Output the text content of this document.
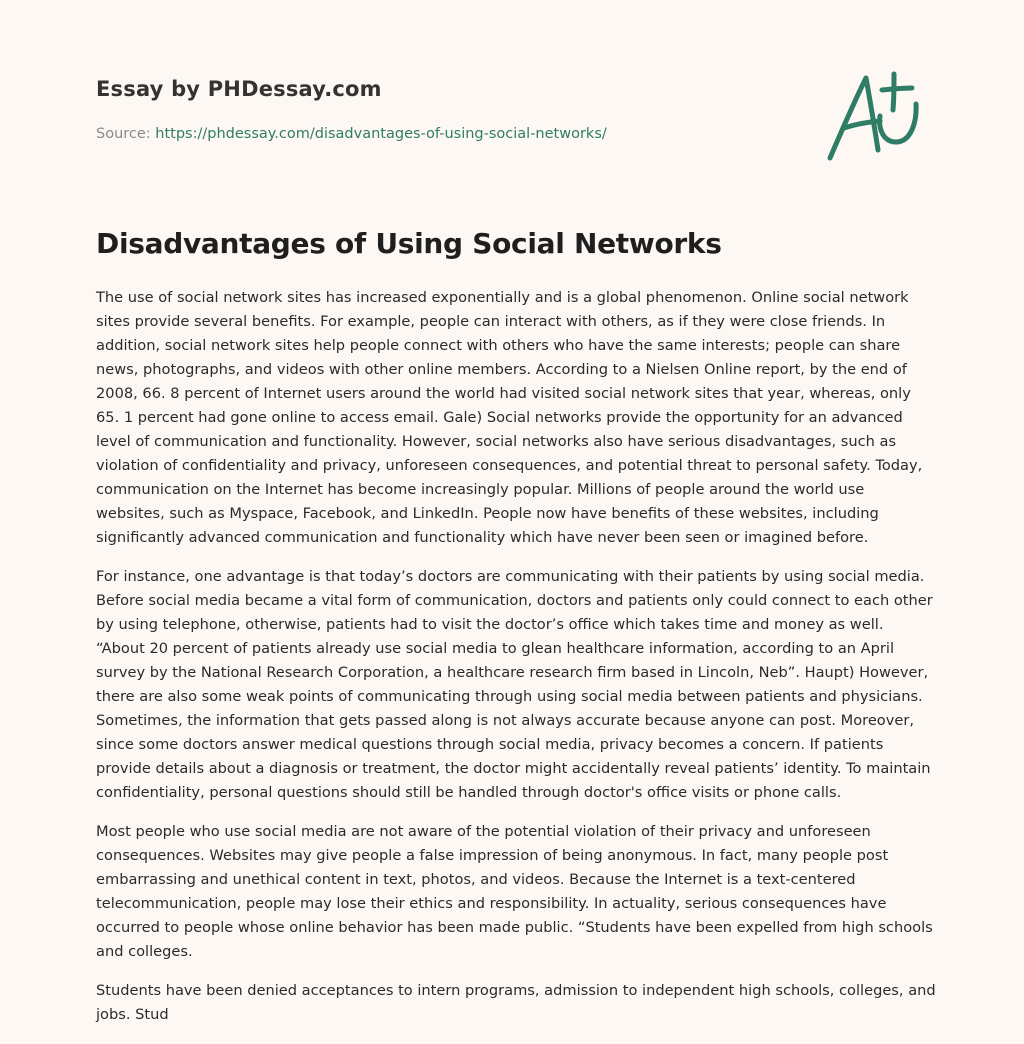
Essay by PHDessay.com
Source: https://phdessay.com/disadvantages-of-using-social-networks/
Disadvantages of Using Social Networks

The use of social network sites has increased exponentially and is a global phenomenon. Online social network sites provide several benefits. For example, people can interact with others, as if they were close friends. In addition, social network sites help people connect with others who have the same interests; people can share news, photographs, and videos with other online members. According to a Nielsen Online report, by the end of 2008, 66. 8 percent of Internet users around the world had visited social network sites that year, whereas, only 65. 1 percent had gone online to access email. Gale) Social networks provide the opportunity for an advanced level of communication and functionality. However, social networks also have serious disadvantages, such as violation of confidentiality and privacy, unforeseen consequences, and potential threat to personal safety. Today, communication on the Internet has become increasingly popular. Millions of people around the world use websites, such as Myspace, Facebook, and LinkedIn. People now have benefits of these websites, including significantly advanced communication and functionality which have never been seen or imagined before.

For instance, one advantage is that today’s doctors are communicating with their patients by using social media. Before social media became a vital form of communication, doctors and patients only could connect to each other by using telephone, otherwise, patients had to visit the doctor’s office which takes time and money as well. “About 20 percent of patients already use social media to glean healthcare information, according to an April survey by the National Research Corporation, a healthcare research firm based in Lincoln, Neb”. Haupt) However, there are also some weak points of communicating through using social media between patients and physicians. Sometimes, the information that gets passed along is not always accurate because anyone can post. Moreover, since some doctors answer medical questions through social media, privacy becomes a concern. If patients provide details about a diagnosis or treatment, the doctor might accidentally reveal patients’ identity. To maintain confidentiality, personal questions should still be handled through doctor's office visits or phone calls.

Most people who use social media are not aware of the potential violation of their privacy and unforeseen consequences. Websites may give people a false impression of being anonymous. In fact, many people post embarrassing and unethical content in text, photos, and videos. Because the Internet is a text-centered telecommunication, people may lose their ethics and responsibility. In actuality, serious consequences have occurred to people whose online behavior has been made public. “Students have been expelled from high schools and colleges.

Students have been denied acceptances to intern programs, admission to independent high schools, colleges, and jobs. Stud
